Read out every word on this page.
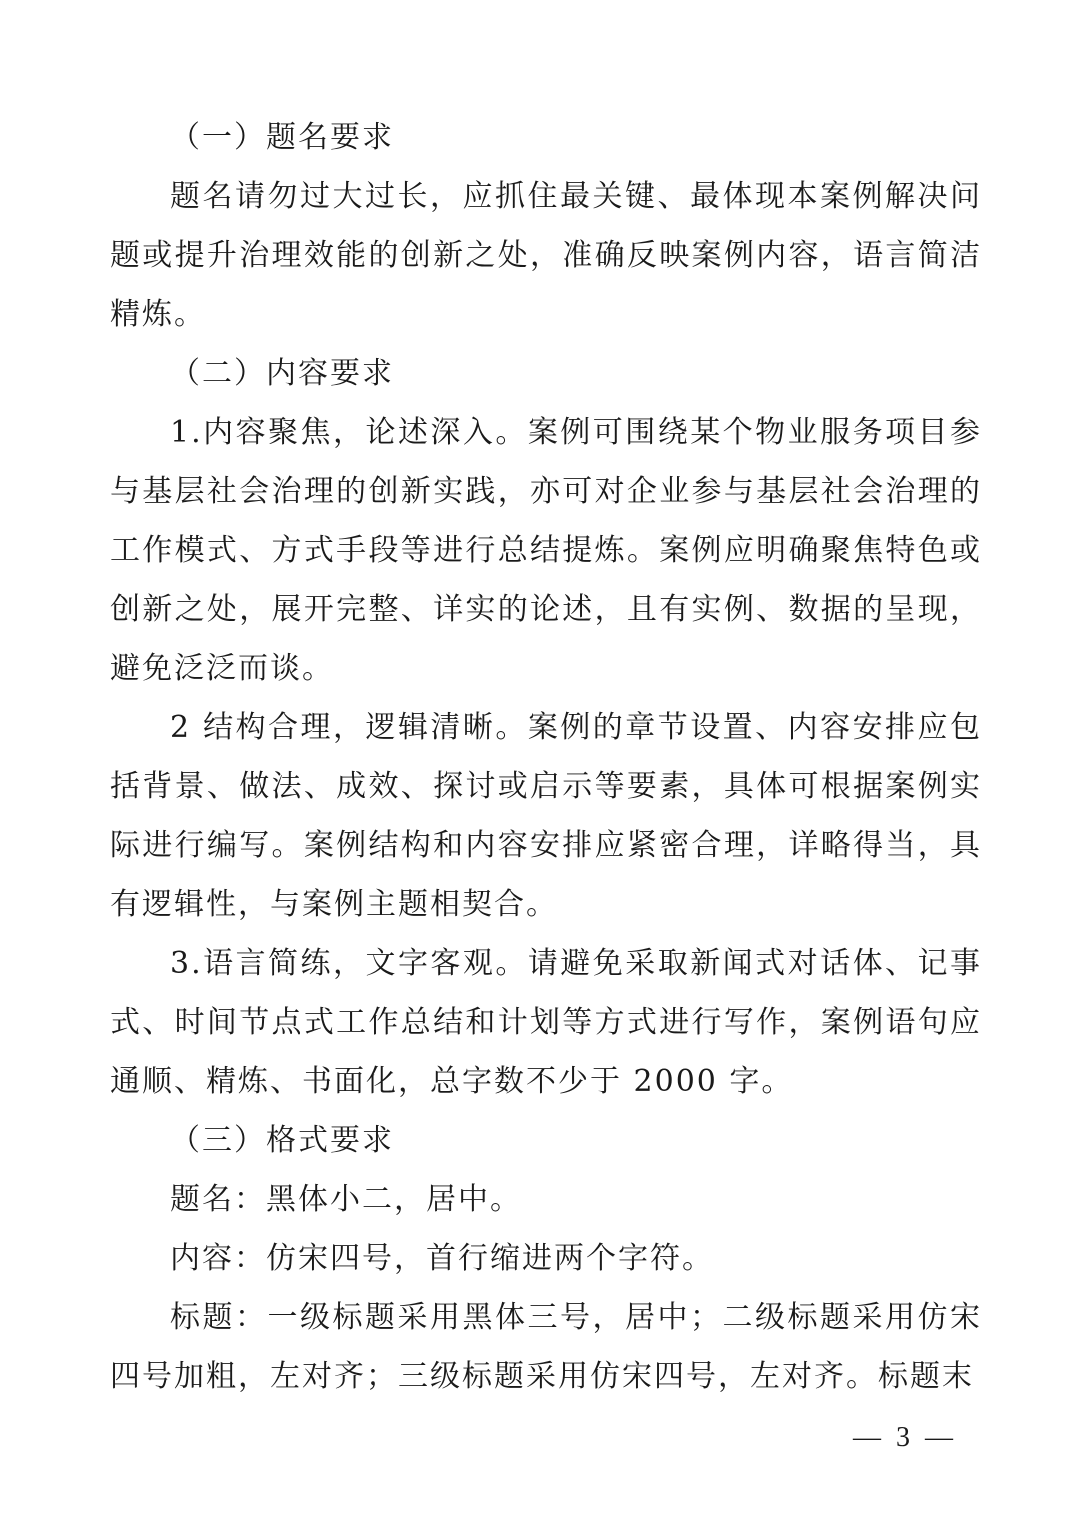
（一）题名要求

题名请勿过大过长，应抓住最关键、最体现本案例解决问题或提升治理效能的创新之处，准确反映案例内容，语言简洁精炼。

（二）内容要求

1.内容聚焦，论述深入。案例可围绕某个物业服务项目参与基层社会治理的创新实践，亦可对企业参与基层社会治理的工作模式、方式手段等进行总结提炼。案例应明确聚焦特色或创新之处，展开完整、详实的论述，且有实例、数据的呈现，避免泛泛而谈。

2 结构合理，逻辑清晰。案例的章节设置、内容安排应包括背景、做法、成效、探讨或启示等要素，具体可根据案例实际进行编写。案例结构和内容安排应紧密合理，详略得当，具有逻辑性，与案例主题相契合。

3.语言简练，文字客观。请避免采取新闻式对话体、记事式、时间节点式工作总结和计划等方式进行写作，案例语句应通顺、精炼、书面化，总字数不少于 2000 字。

（三）格式要求

题名：黑体小二，居中。

内容：仿宋四号，首行缩进两个字符。

标题：一级标题采用黑体三号，居中；二级标题采用仿宋四号加粗，左对齐；三级标题采用仿宋四号，左对齐。标题末

— 3 —
